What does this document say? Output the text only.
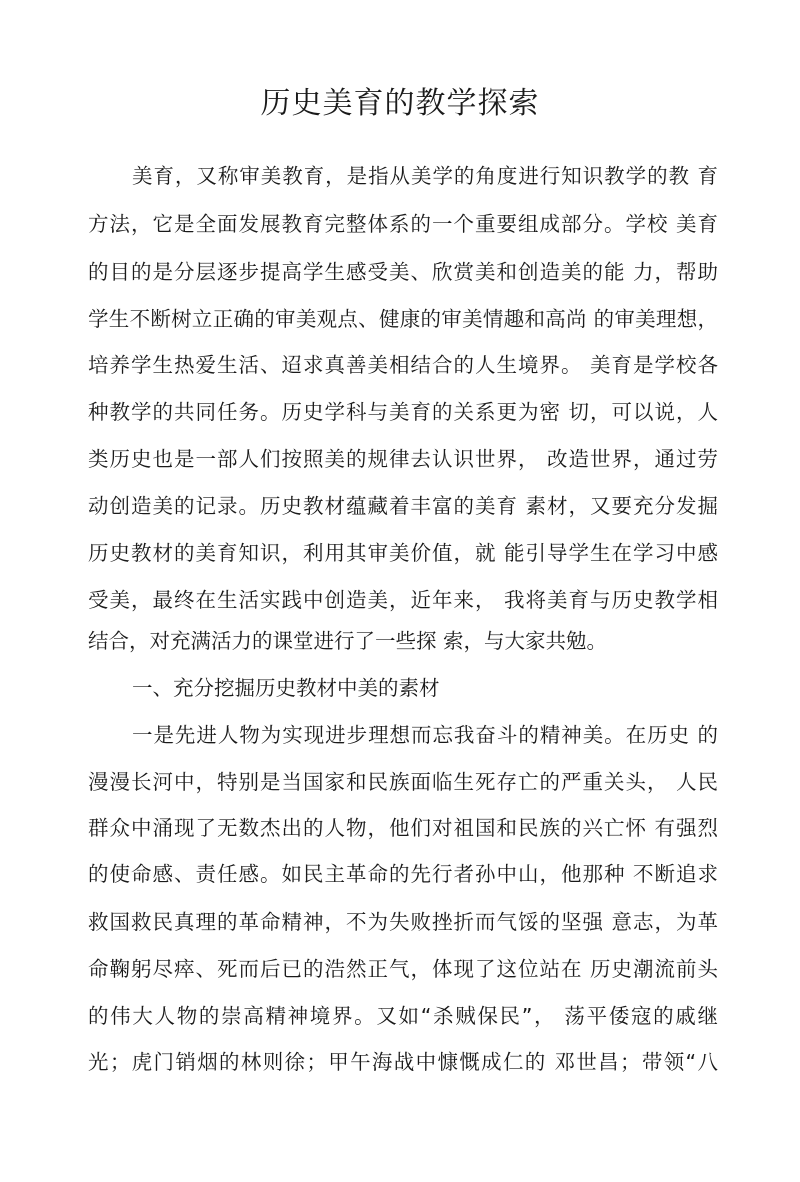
历史美育的教学探索
美育，又称审美教育，是指从美学的角度进行知识教学的教 育
方法，它是全面发展教育完整体系的一个重要组成部分。学校 美育
的目的是分层逐步提高学生感受美、欣赏美和创造美的能 力，帮助
学生不断树立正确的审美观点、健康的审美情趣和高尚 的审美理想，
培养学生热爱生活、迢求真善美相结合的人生境界。 美育是学校各
种教学的共同任务。历史学科与美育的关系更为密 切，可以说，人
类历史也是一部人们按照美的规律去认识世界， 改造世界，通过劳
动创造美的记录。历史教材蕴藏着丰富的美育 素材，又要充分发掘
历史教材的美育知识，利用其审美价值，就 能引导学生在学习中感
受美，最终在生活实践中创造美，近年来， 我将美育与历史教学相
结合，对充满活力的课堂进行了一些探 索，与大家共勉。
一、充分挖掘历史教材中美的素材
一是先进人物为实现进步理想而忘我奋斗的精神美。在历史 的
漫漫长河中，特别是当国家和民族面临生死存亡的严重关头， 人民
群众中涌现了无数杰出的人物，他们对祖国和民族的兴亡怀 有强烈
的使命感、责任感。如民主革命的先行者孙中山，他那种 不断追求
救国救民真理的革命精神，不为失败挫折而气馁的坚强 意志，为革
命鞠躬尽瘁、死而后已的浩然正气，体现了这位站在 历史潮流前头
的伟大人物的崇高精神境界。又如“杀贼保民”， 荡平倭寇的戚继
光；虎门销烟的林则徐；甲午海战中慷慨成仁的 邓世昌；带领“八
